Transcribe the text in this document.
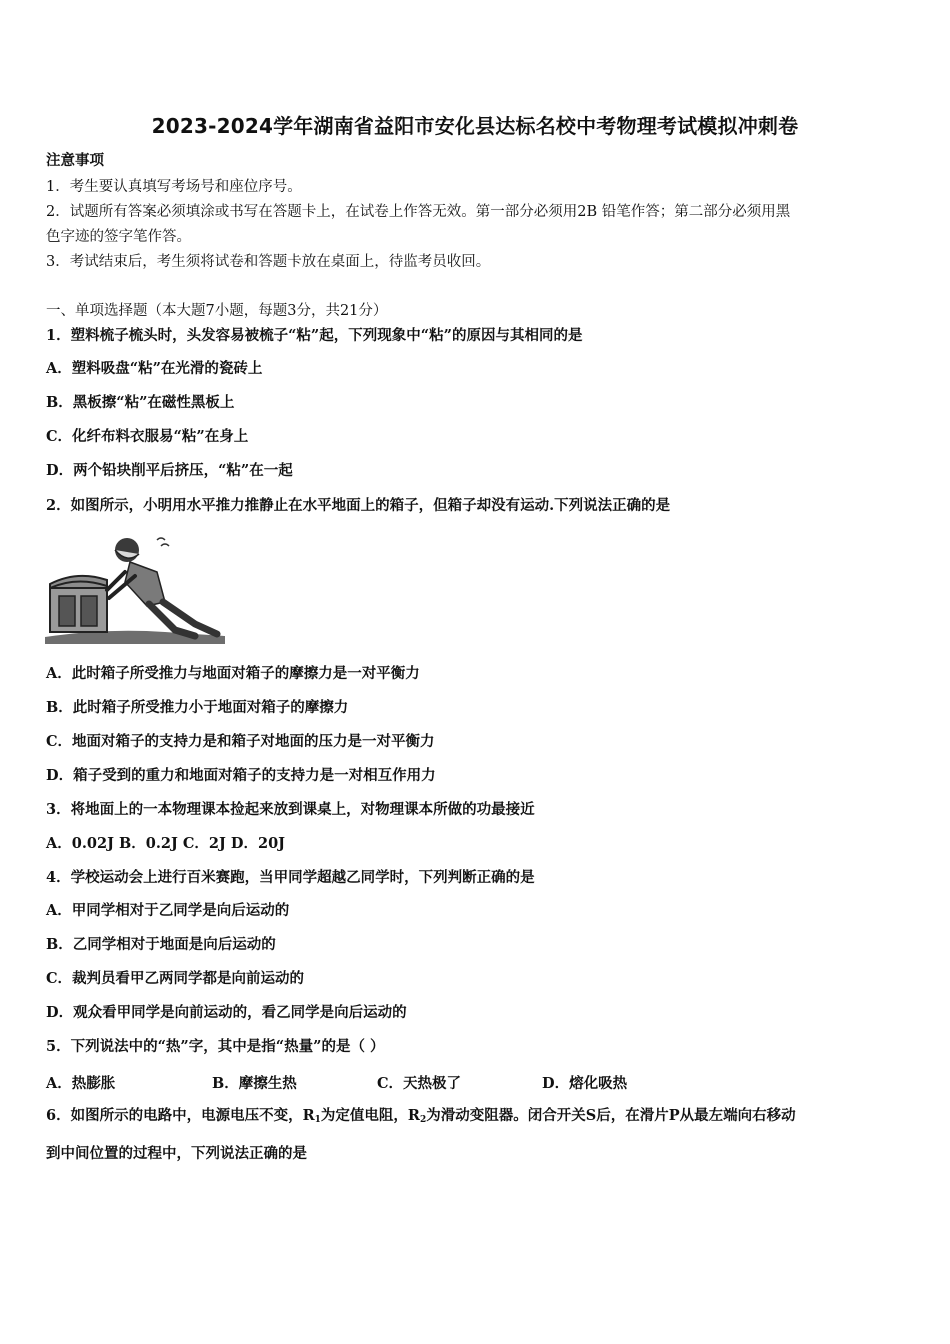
2023-2024学年湖南省益阳市安化县达标名校中考物理考试模拟冲刺卷
注意事项
1．考生要认真填写考场号和座位序号。
2．试题所有答案必须填涂或书写在答题卡上，在试卷上作答无效。第一部分必须用2B 铅笔作答；第二部分必须用黑
色字迹的签字笔作答。
3．考试结束后，考生须将试卷和答题卡放在桌面上，待监考员收回。
一、单项选择题（本大题7小题，每题3分，共21分）
1．塑料梳子梳头时，头发容易被梳子“粘”起，下列现象中“粘”的原因与其相同的是
A．塑料吸盘“粘”在光滑的瓷砖上
B．黑板擦“粘”在磁性黑板上
C．化纤布料衣服易“粘”在身上
D．两个铅块削平后挤压，“粘”在一起
2．如图所示，小明用水平推力推静止在水平地面上的箱子，但箱子却没有运动.下列说法正确的是
A．此时箱子所受推力与地面对箱子的摩擦力是一对平衡力
B．此时箱子所受推力小于地面对箱子的摩擦力
C．地面对箱子的支持力是和箱子对地面的压力是一对平衡力
D．箱子受到的重力和地面对箱子的支持力是一对相互作用力
3．将地面上的一本物理课本捡起来放到课桌上，对物理课本所做的功最接近
A．0.02J B．0.2J C．2J D．20J
4．学校运动会上进行百米赛跑，当甲同学超越乙同学时，下列判断正确的是
A．甲同学相对于乙同学是向后运动的
B．乙同学相对于地面是向后运动的
C．裁判员看甲乙两同学都是向前运动的
D．观众看甲同学是向前运动的，看乙同学是向后运动的
5．下列说法中的“热”字，其中是指“热量”的是（ ）
A．热膨胀	B．摩擦生热	C．天热极了	D．熔化吸热
6．如图所示的电路中，电源电压不变，$R_1$为定值电阻，$R_2$为滑动变阻器。闭合开关S后，在滑片P从最左端向右移动
到中间位置的过程中，下列说法正确的是
